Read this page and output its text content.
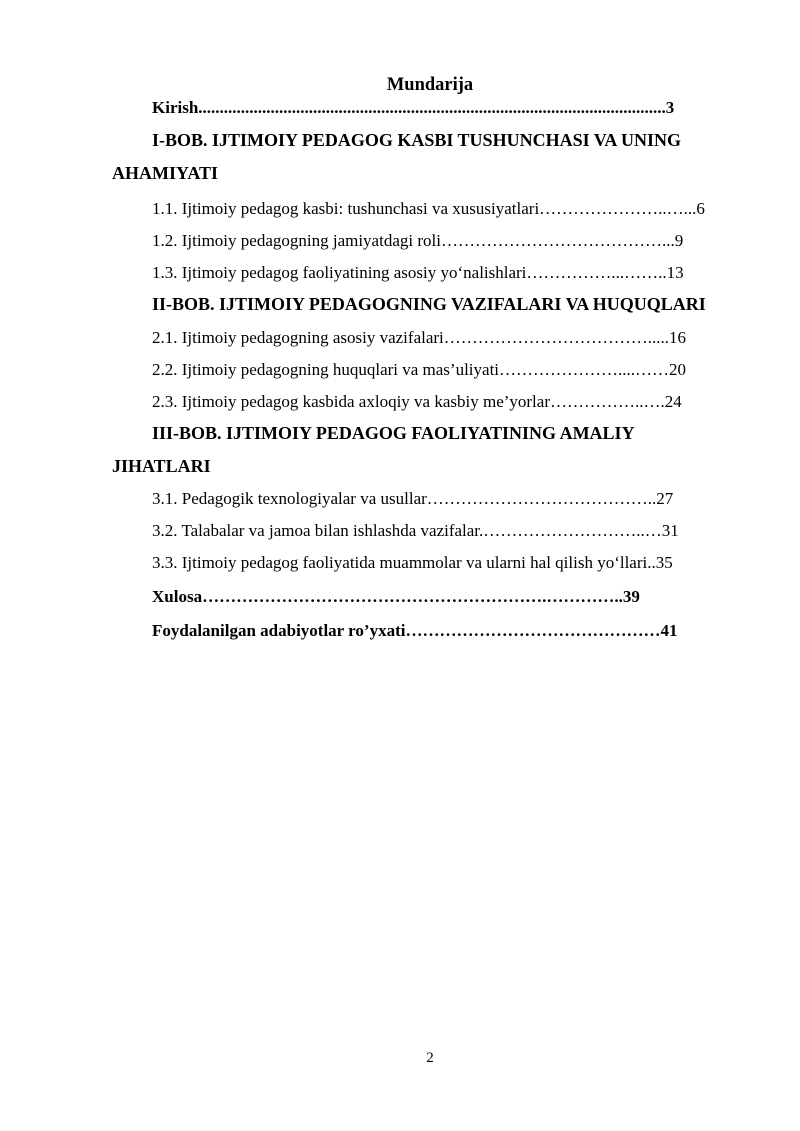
Mundarija
Kirish..............................................................................................................3
I-BOB. IJTIMOIY PEDAGOG KASBI TUSHUNCHASI VA UNING
AHAMIYATI
1.1. Ijtimoiy pedagog kasbi: tushunchasi va xususiyatlari…………………..…...6
1.2. Ijtimoiy pedagogning jamiyatdagi roli…………………………………...9
1.3. Ijtimoiy pedagog faoliyatining asosiy yo‘nalishlari……………...……..13
II-BOB. IJTIMOIY PEDAGOGNING VAZIFALARI VA HUQUQLARI
2.1. Ijtimoiy pedagogning asosiy vazifalari……………………………….....16
2.2. Ijtimoiy pedagogning huquqlari va mas’uliyati…………………....……20
2.3. Ijtimoiy pedagog kasbida axloqiy va kasbiy me’yorlar……………..….24
III-BOB. IJTIMOIY PEDAGOG FAOLIYATINING AMALIY
JIHATLARI
3.1. Pedagogik texnologiyalar va usullar…………………………………..27
3.2. Talabalar va jamoa bilan ishlashda vazifalar.………………………..…31
3.3. Ijtimoiy pedagog faoliyatida muammolar va ularni hal qilish yo‘llari..35
Xulosa…………………………………………………….…………..39
Foydalanilgan adabiyotlar ro’yxati………………………………………41
2
